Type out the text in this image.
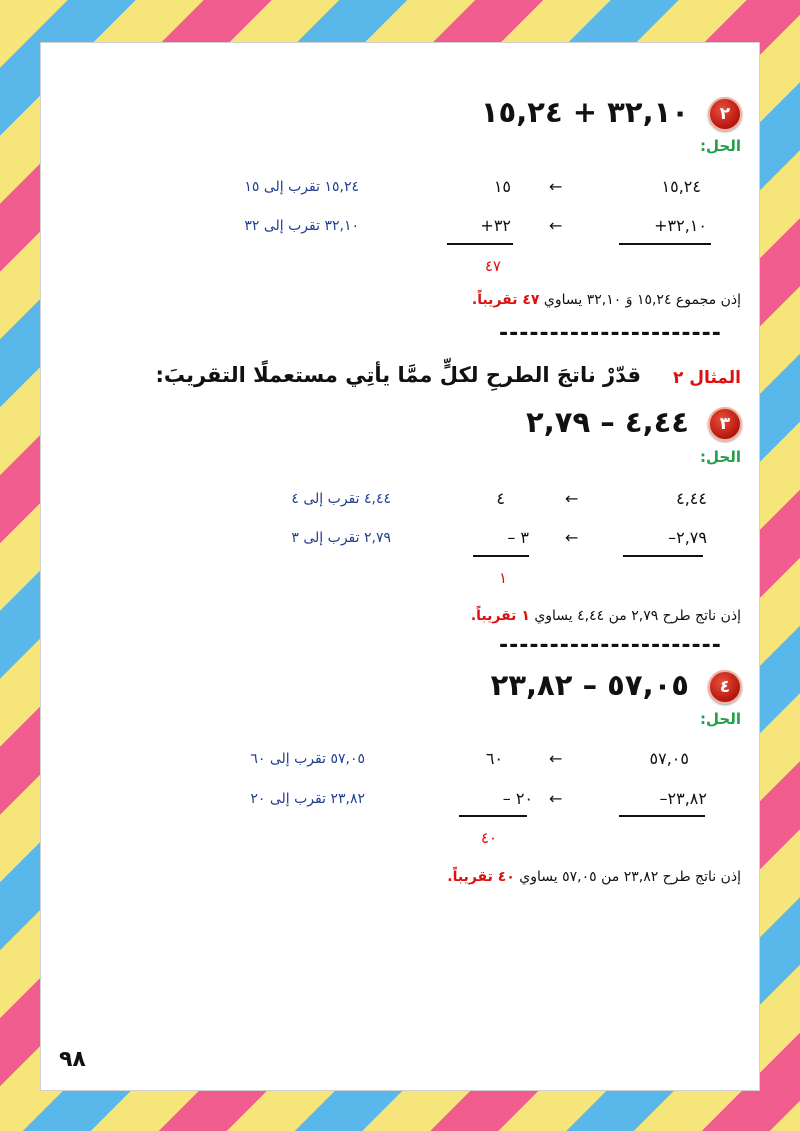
٢
٣٢,١٠ + ١٥,٢٤
الحل:
١٥,٢٤
←
١٥
١٥,٢٤ تقرب إلى ١٥
٣٢,١٠+
←
٣٢+
٣٢,١٠ تقرب إلى ٣٢
٤٧
إذن مجموع ١٥,٢٤ وَ ٣٢,١٠ يساوي ٤٧ تقريباً.
----------------------
المثال ٢
قدّرْ ناتجَ الطرحِ لكلٍّ ممَّا يأتِي مستعملًا التقريبَ:
٣
٤,٤٤ – ٢,٧٩
الحل:
٤,٤٤
←
٤
٤,٤٤ تقرب إلى ٤
٢,٧٩–
←
٣ –
٢,٧٩ تقرب إلى ٣
١
إذن ناتج طرح ٢,٧٩ من ٤,٤٤ يساوي ١ تقريباً.
----------------------
٤
٥٧,٠٥ – ٢٣,٨٢
الحل:
٥٧,٠٥
←
٦٠
٥٧,٠٥ تقرب إلى ٦٠
٢٣,٨٢–
←
٢٠ –
٢٣,٨٢ تقرب إلى ٢٠
٤٠
إذن ناتج طرح ٢٣,٨٢ من ٥٧,٠٥ يساوي ٤٠ تقريباً.
٩٨
